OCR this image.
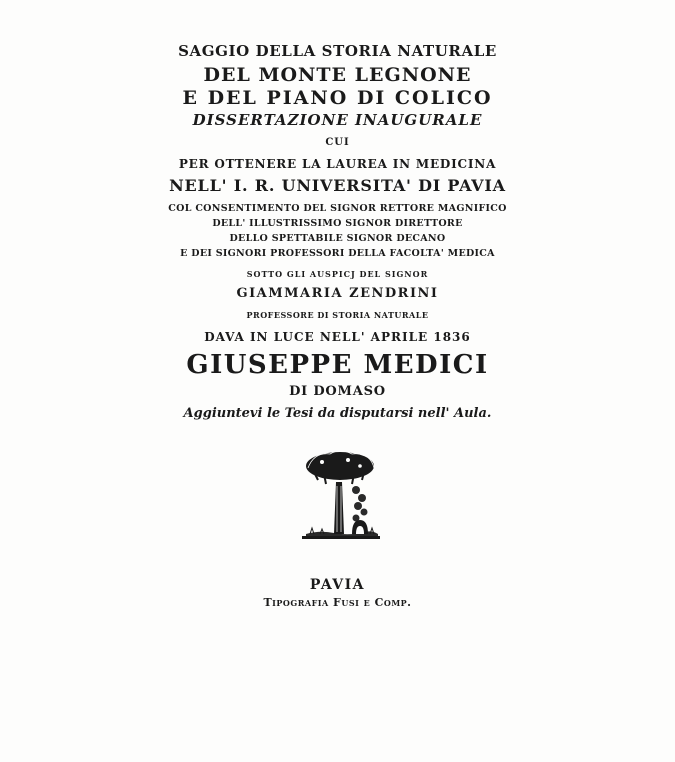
SAGGIO DELLA STORIA NATURALE
DEL MONTE LEGNONE
E DEL PIANO DI COLICO
DISSERTAZIONE INAUGURALE
CUI
PER OTTENERE LA LAUREA IN MEDICINA
NELL' I. R. UNIVERSITA' DI PAVIA
COL CONSENTIMENTO DEL SIGNOR RETTORE MAGNIFICO
DELL' ILLUSTRISSIMO SIGNOR DIRETTORE
DELLO SPETTABILE SIGNOR DECANO
E DEI SIGNORI PROFESSORI DELLA FACOLTA' MEDICA
SOTTO GLI AUSPICJ DEL SIGNOR
GIAMMARIA ZENDRINI
PROFESSORE DI STORIA NATURALE
DAVA IN LUCE NELL' APRILE 1836
GIUSEPPE MEDICI
DI DOMASO
Aggiuntevi le Tesi da disputarsi nell' Aula.
PAVIA
Tipografia Fusi e Comp.
